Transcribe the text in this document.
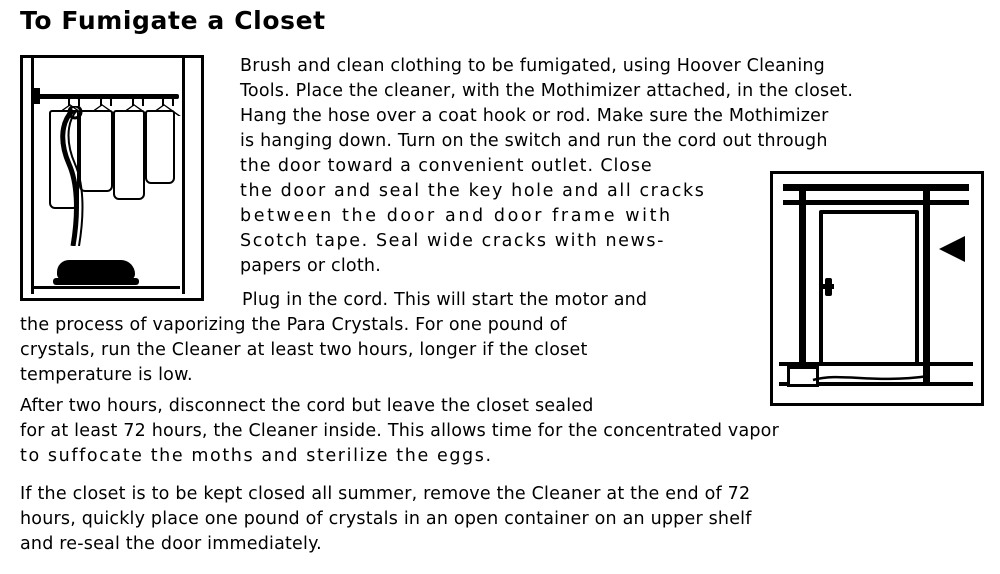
To Fumigate a Closet
Brush and clean clothing to be fumigated, using Hoover Cleaning
Tools. Place the cleaner, with the Mothimizer attached, in the closet.
Hang the hose over a coat hook or rod. Make sure the Mothimizer
is hanging down. Turn on the switch and run the cord out through
the door toward a convenient outlet. Close
the door and seal the key hole and all cracks
between the door and door frame with
Scotch tape. Seal wide cracks with news-
papers or cloth.
Plug in the cord. This will start the motor and
the process of vaporizing the Para Crystals. For one pound of
crystals, run the Cleaner at least two hours, longer if the closet
temperature is low.
After two hours, disconnect the cord but leave the closet sealed
for at least 72 hours, the Cleaner inside. This allows time for the concentrated vapor
to suffocate the moths and sterilize the eggs.
If the closet is to be kept closed all summer, remove the Cleaner at the end of 72
hours, quickly place one pound of crystals in an open container on an upper shelf
and re-seal the door immediately.
